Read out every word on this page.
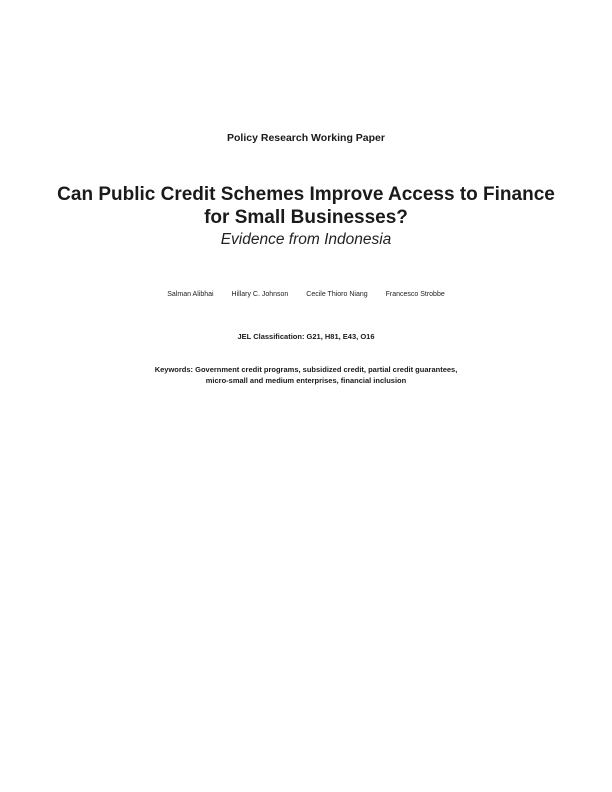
Policy Research Working Paper
Can Public Credit Schemes Improve Access to Finance
for Small Businesses?
Evidence from Indonesia
Salman Alibhai	Hillary C. Johnson	Cecile Thioro Niang	Francesco Strobbe
JEL Classification: G21, H81, E43, O16
Keywords: Government credit programs, subsidized credit, partial credit guarantees,
micro-small and medium enterprises, financial inclusion
